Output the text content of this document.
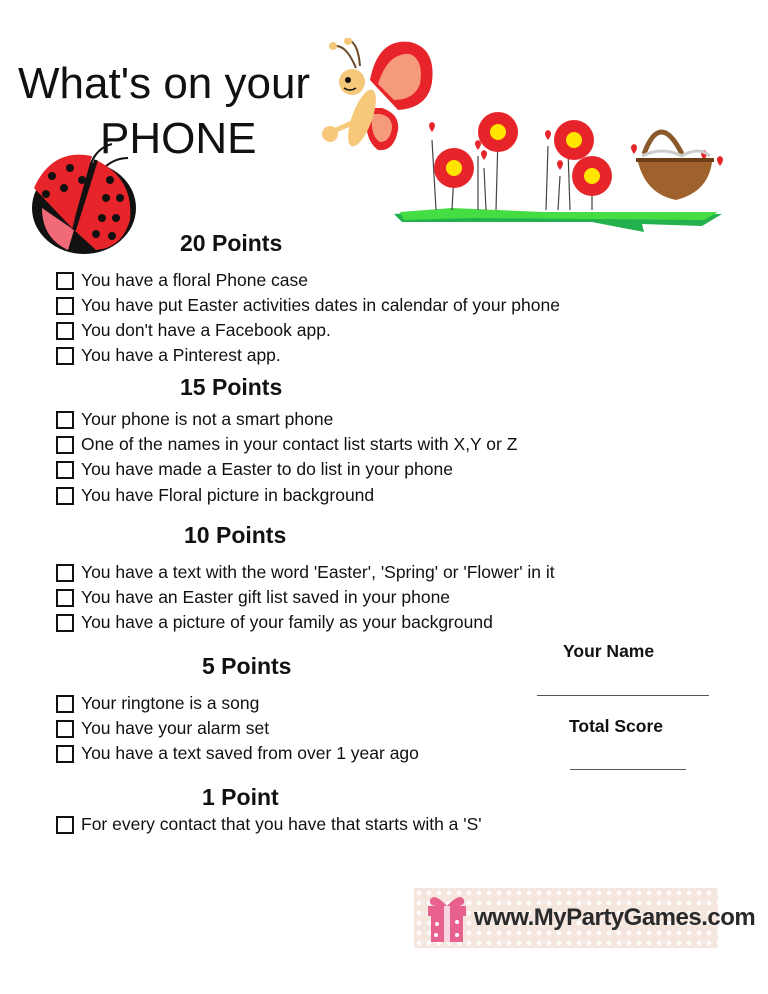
What's on your
PHONE
20 Points
You have a floral Phone case
You have put Easter activities dates in calendar of your phone
You don't have a Facebook app.
You have a Pinterest app.
15 Points
Your phone is not a smart phone
One of the names in your contact list starts with X,Y or Z
You have made a Easter to do list in your phone
You have Floral picture in background
10 Points
You have a text with the word 'Easter', 'Spring' or 'Flower' in it
You have an Easter gift list saved in your phone
You have a picture of your family as your background
5 Points
Your ringtone is a song
You have your alarm set
You have a text saved from over 1 year ago
1 Point
For every contact that you have that starts with a 'S'
Your Name
Total Score
www.MyPartyGames.com
